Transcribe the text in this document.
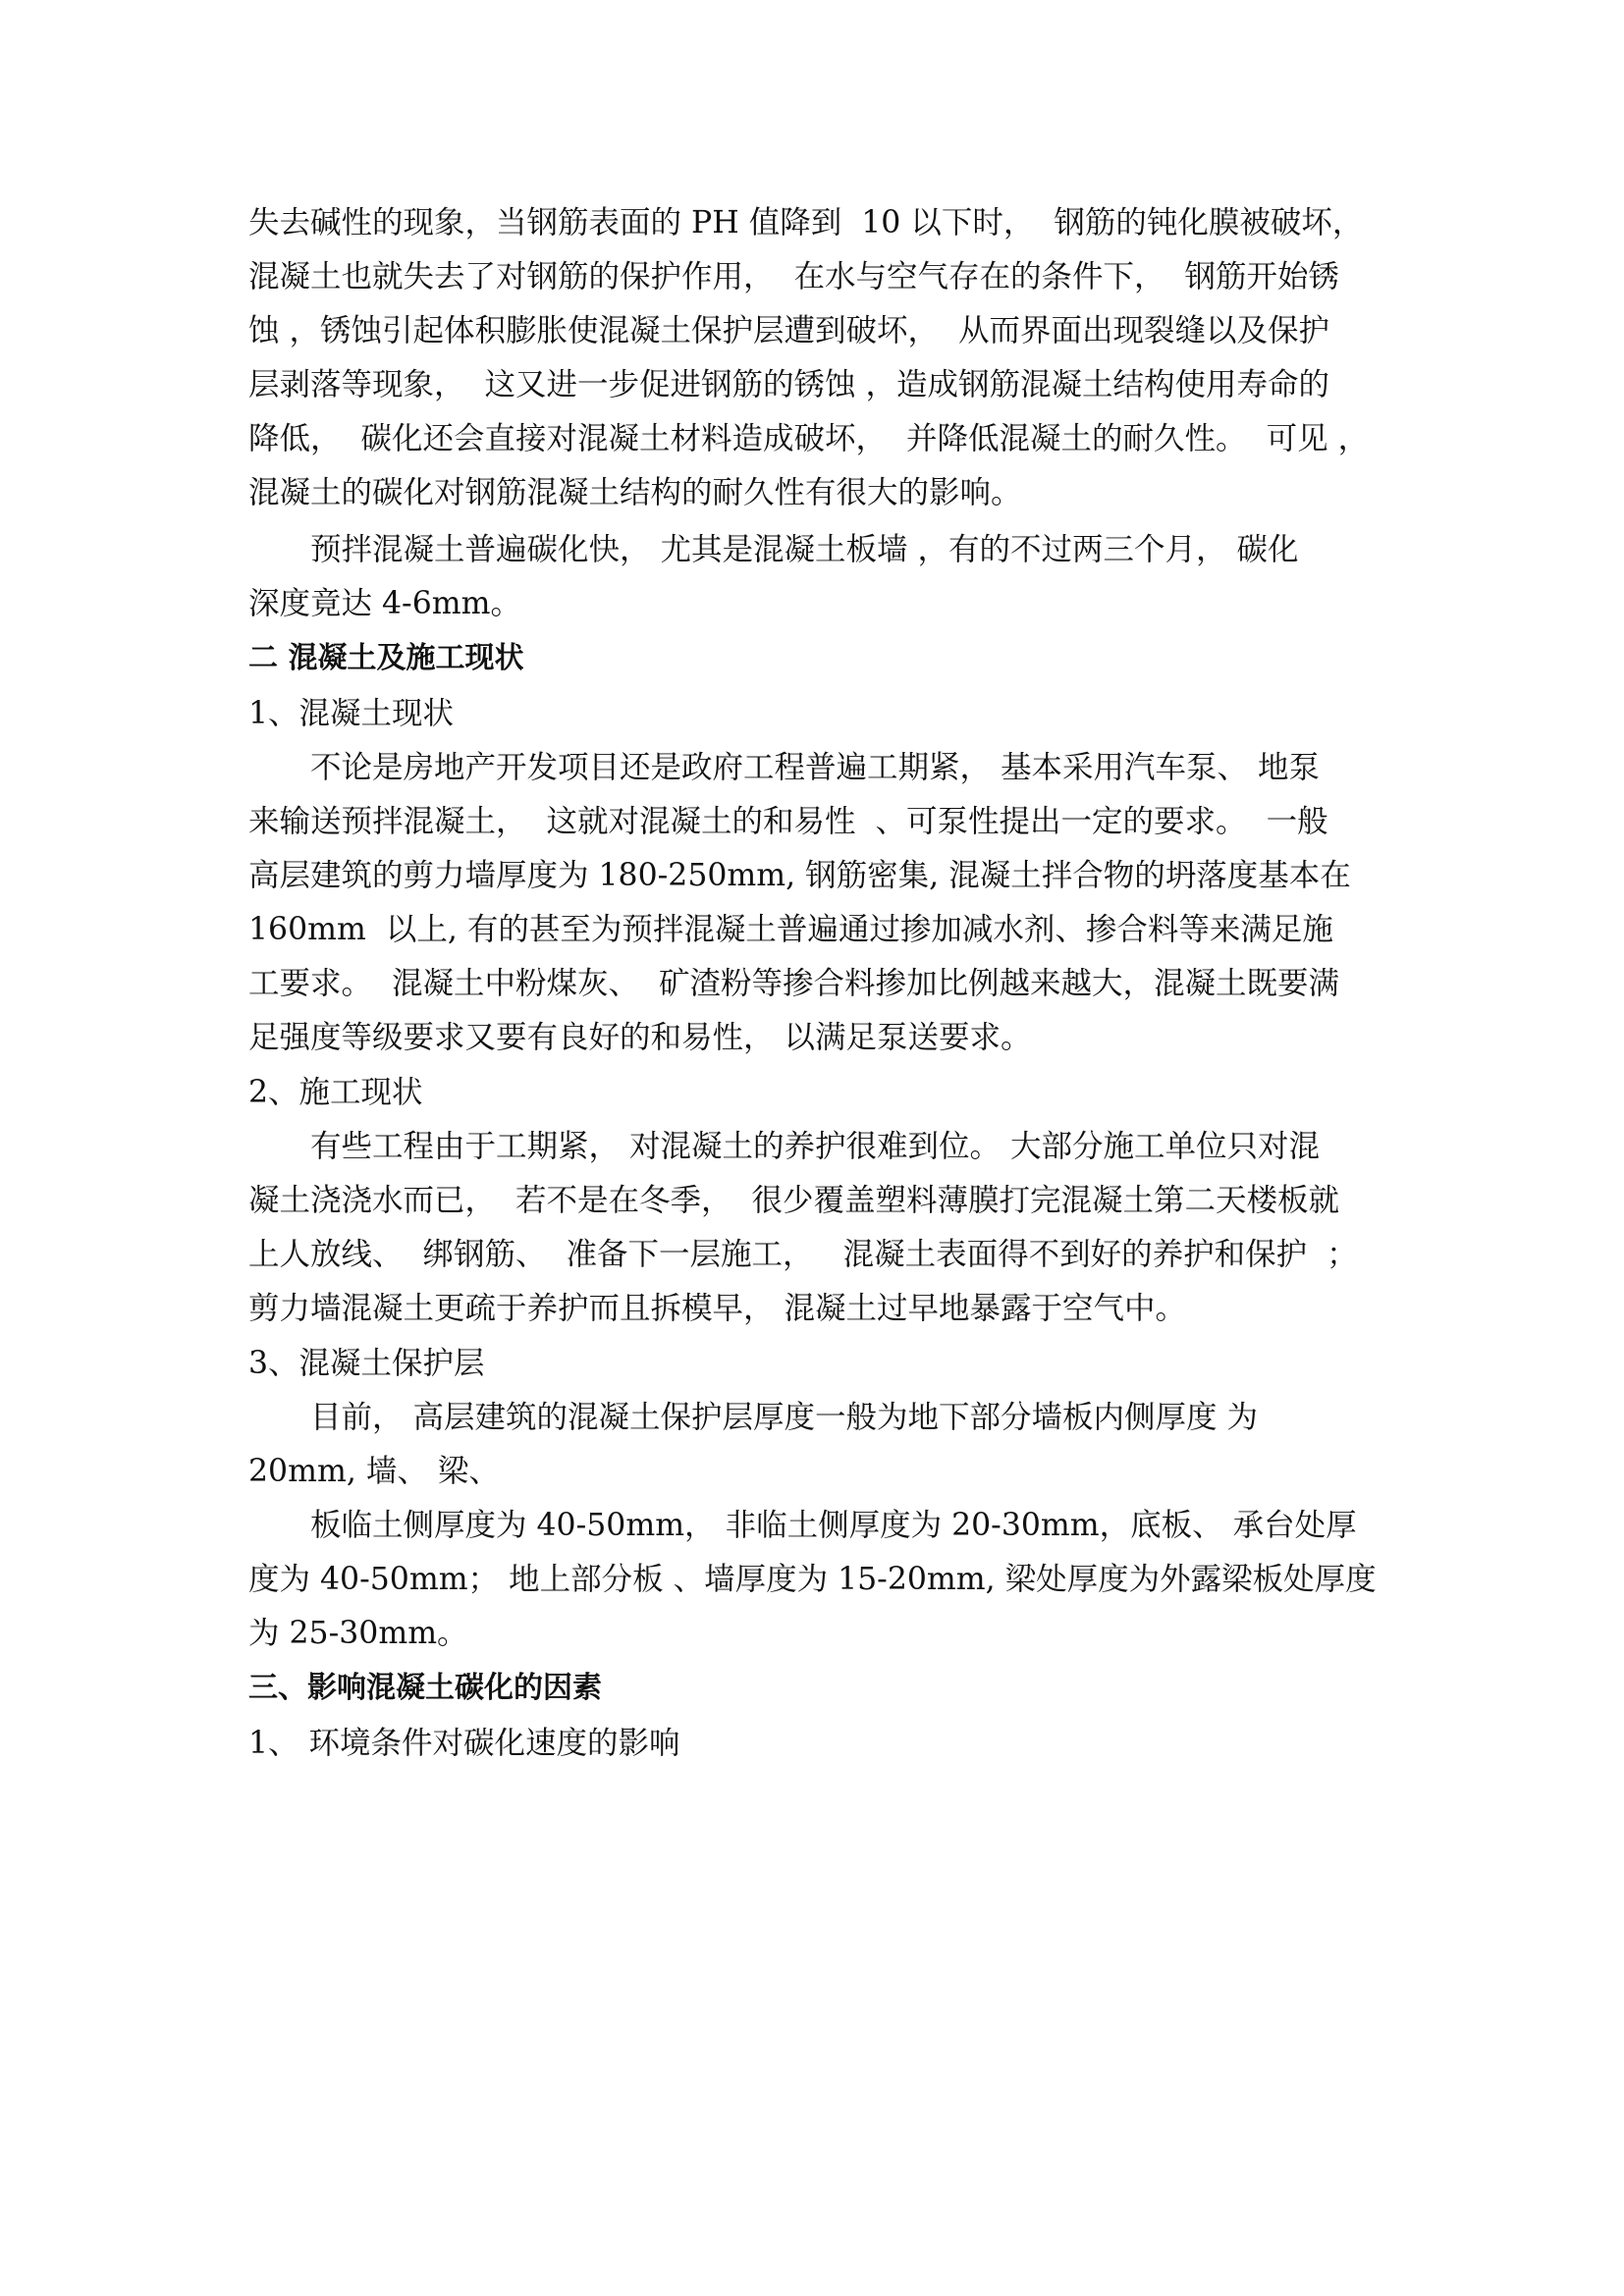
失去碱性的现象，当钢筋表面的 PH 值降到  10 以下时，  钢筋的钝化膜被破坏，

混凝土也就失去了对钢筋的保护作用，  在水与空气存在的条件下，  钢筋开始锈

蚀 ，锈蚀引起体积膨胀使混凝土保护层遭到破坏，  从而界面出现裂缝以及保护

层剥落等现象，  这又进一步促进钢筋的锈蚀 ，造成钢筋混凝土结构使用寿命的

降低，  碳化还会直接对混凝土材料造成破坏，  并降低混凝土的耐久性。  可见 ，

混凝土的碳化对钢筋混凝土结构的耐久性有很大的影响。

预拌混凝土普遍碳化快， 尤其是混凝土板墙 ，有的不过两三个月， 碳化

深度竟达 4-6mm。

二 混凝土及施工现状

1、混凝土现状

不论是房地产开发项目还是政府工程普遍工期紧， 基本采用汽车泵、 地泵

来输送预拌混凝土，  这就对混凝土的和易性  、可泵性提出一定的要求。  一般

高层建筑的剪力墙厚度为 180-250mm, 钢筋密集, 混凝土拌合物的坍落度基本在

160mm  以上, 有的甚至为预拌混凝土普遍通过掺加减水剂、掺合料等来满足施

工要求。  混凝土中粉煤灰、  矿渣粉等掺合料掺加比例越来越大，混凝土既要满

足强度等级要求又要有良好的和易性， 以满足泵送要求。

2、施工现状

有些工程由于工期紧， 对混凝土的养护很难到位。 大部分施工单位只对混

凝土浇浇水而已，  若不是在冬季，  很少覆盖塑料薄膜打完混凝土第二天楼板就

上人放线、  绑钢筋、  准备下一层施工，   混凝土表面得不到好的养护和保护  ；

剪力墙混凝土更疏于养护而且拆模早， 混凝土过早地暴露于空气中。

3、混凝土保护层

目前， 高层建筑的混凝土保护层厚度一般为地下部分墙板内侧厚度 为

20mm, 墙、 梁、

板临土侧厚度为 40-50mm， 非临土侧厚度为 20-30mm，底板、 承台处厚

度为 40-50mm； 地上部分板 、墙厚度为 15-20mm, 梁处厚度为外露梁板处厚度

为 25-30mm。

三、影响混凝土碳化的因素

1、 环境条件对碳化速度的影响
